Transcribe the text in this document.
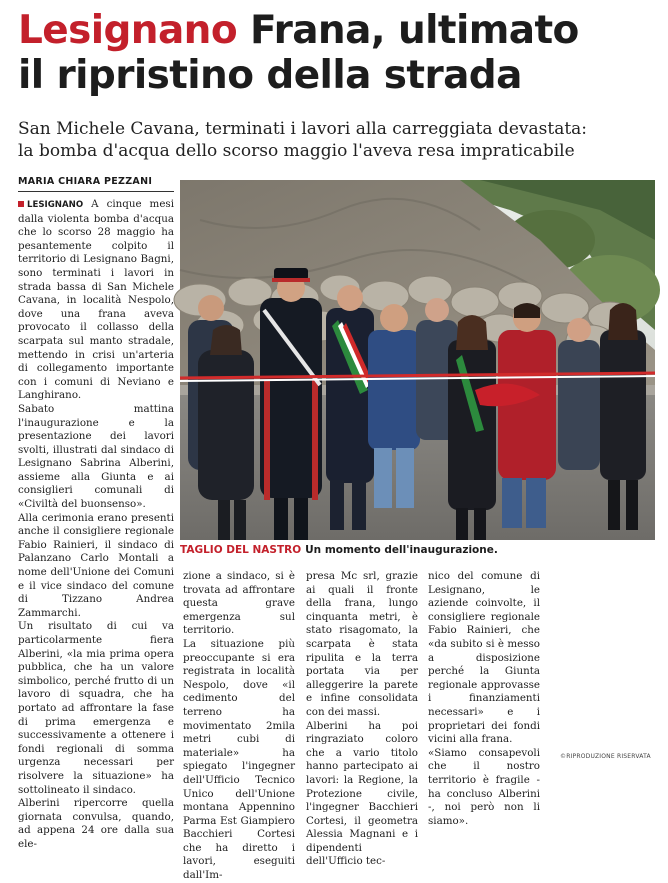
Lesignano Frana, ultimato
il ripristino della strada
San Michele Cavana, terminati i lavori alla carreggiata devastata:
la bomba d'acqua dello scorso maggio l'aveva resa impraticabile
MARIA CHIARA PEZZANI

LESIGNANO A cinque mesi dalla violenta bomba d'acqua che lo scorso 28 maggio ha pesantemente colpito il territorio di Lesignano Bagni, sono terminati i lavori in strada bassa di San Michele Cavana, in località Nespolo, dove una frana aveva provocato il collasso della scarpata sul manto stradale, mettendo in crisi un'arteria di collegamento importante con i comuni di Neviano e Langhirano.

Sabato mattina l'inaugurazione e la presentazione dei lavori svolti, illustrati dal sindaco di Lesignano Sabrina Alberini, assieme alla Giunta e ai consiglieri comunali di «Civiltà del buonsenso».

Alla cerimonia erano presenti anche il consigliere regionale Fabio Rainieri, il sindaco di Palanzano Carlo Montali a nome dell'Unione dei Comuni e il vice sindaco del comune di Tizzano Andrea Zammarchi.

Un risultato di cui va particolarmente fiera Alberini, «la mia prima opera pubblica, che ha un valore simbolico, perché frutto di un lavoro di squadra, che ha portato ad affrontare la fase di prima emergenza e successivamente a ottenere i fondi regionali di somma urgenza necessari per risolvere la situazione» ha sottolineato il sindaco.

Alberini ripercorre quella giornata convulsa, quando, ad appena 24 ore dalla sua ele-

TAGLIO DEL NASTRO Un momento dell'inaugurazione.

zione a sindaco, si è trovata ad affrontare questa grave emergenza sul territorio.

La situazione più preoccupante si era registrata in località Nespolo, dove «il cedimento del terreno ha movimentato 2mila metri cubi di materiale» ha spiegato l'ingegner dell'Ufficio Tecnico Unico dell'Unione montana Appennino Parma Est Giampiero Bacchieri Cortesi che ha diretto i lavori, eseguiti dall'Im-

presa Mc srl, grazie ai quali il fronte della frana, lungo cinquanta metri, è stato risagomato, la scarpata è stata ripulita e la terra portata via per alleggerire la parete e infine consolidata con dei massi.

Alberini ha poi ringraziato coloro che a vario titolo hanno partecipato ai lavori: la Regione, la Protezione civile, l'ingegner Bacchieri Cortesi, il geometra Alessia Magnani e i dipendenti dell'Ufficio tec-

nico del comune di Lesignano, le aziende coinvolte, il consigliere regionale Fabio Rainieri, che «da subito si è messo a disposizione perché la Giunta regionale approvasse i finanziamenti necessari» e i proprietari dei fondi vicini alla frana.

«Siamo consapevoli che il nostro territorio è fragile - ha concluso Alberini -, noi però non li siamo».

© RIPRODUZIONE RISERVATA
